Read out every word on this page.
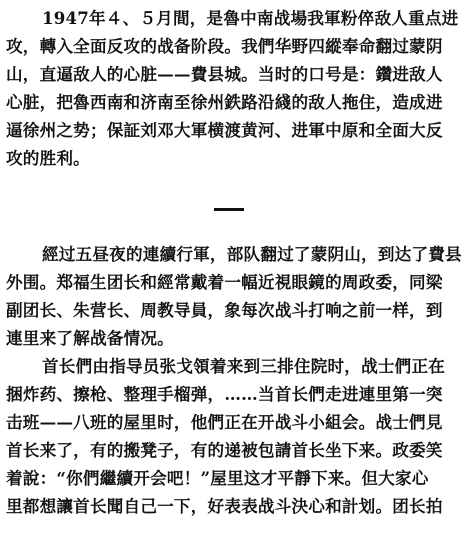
1947年４、５月間，是魯中南战場我軍粉倅敌人重点进
攻，轉入全面反攻的战备阶段。我們华野四縱奉命翻过蒙阴
山，直逼敌人的心脏——費县城。当时的口号是：鑽进敌人
心脏，把魯西南和济南至徐州鉄路沿綫的敌人拖住，造成进
逼徐州之势；保証刘邓大軍横渡黄河、进軍中原和全面大反
攻的胜利。
經过五昼夜的連續行軍，部队翻过了蒙阴山，到达了費县
外围。郑福生团长和經常戴着一幅近視眼鏡的周政委，同梁
副团长、朱营长、周教导員，象每次战斗打响之前一样，到
連里来了解战备情况。
首长們由指导员张戈領着来到三排住院时，战士們正在
捆炸药、擦枪、整理手榴弹，……当首长們走进連里第一突
击班——八班的屋里时，他們正在开战斗小組会。战士們見
首长来了，有的搬凳子，有的递被包請首长坐下来。政委笑
着說：“你們繼續开会吧！”屋里这才平靜下来。但大家心
里都想讓首长聞自己一下，好表表战斗決心和計划。团长拍
